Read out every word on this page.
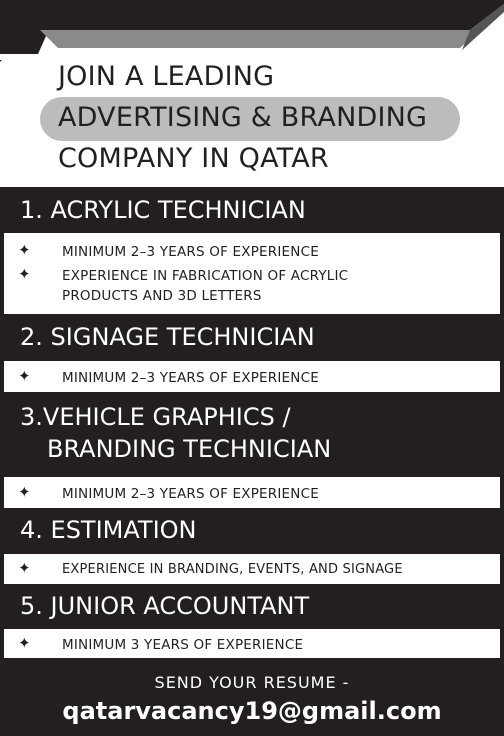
JOIN A LEADING
ADVERTISING & BRANDING
COMPANY IN QATAR
1. ACRYLIC TECHNICIAN
✦ MINIMUM 2–3 YEARS OF EXPERIENCE
✦ EXPERIENCE IN FABRICATION OF ACRYLIC
PRODUCTS AND 3D LETTERS
2. SIGNAGE TECHNICIAN
✦ MINIMUM 2–3 YEARS OF EXPERIENCE
3.VEHICLE GRAPHICS /
BRANDING TECHNICIAN
✦ MINIMUM 2–3 YEARS OF EXPERIENCE
4. ESTIMATION
✦ EXPERIENCE IN BRANDING, EVENTS, AND SIGNAGE
5. JUNIOR ACCOUNTANT
✦ MINIMUM 3 YEARS OF EXPERIENCE
SEND YOUR RESUME -
qatarvacancy19@gmail.com
